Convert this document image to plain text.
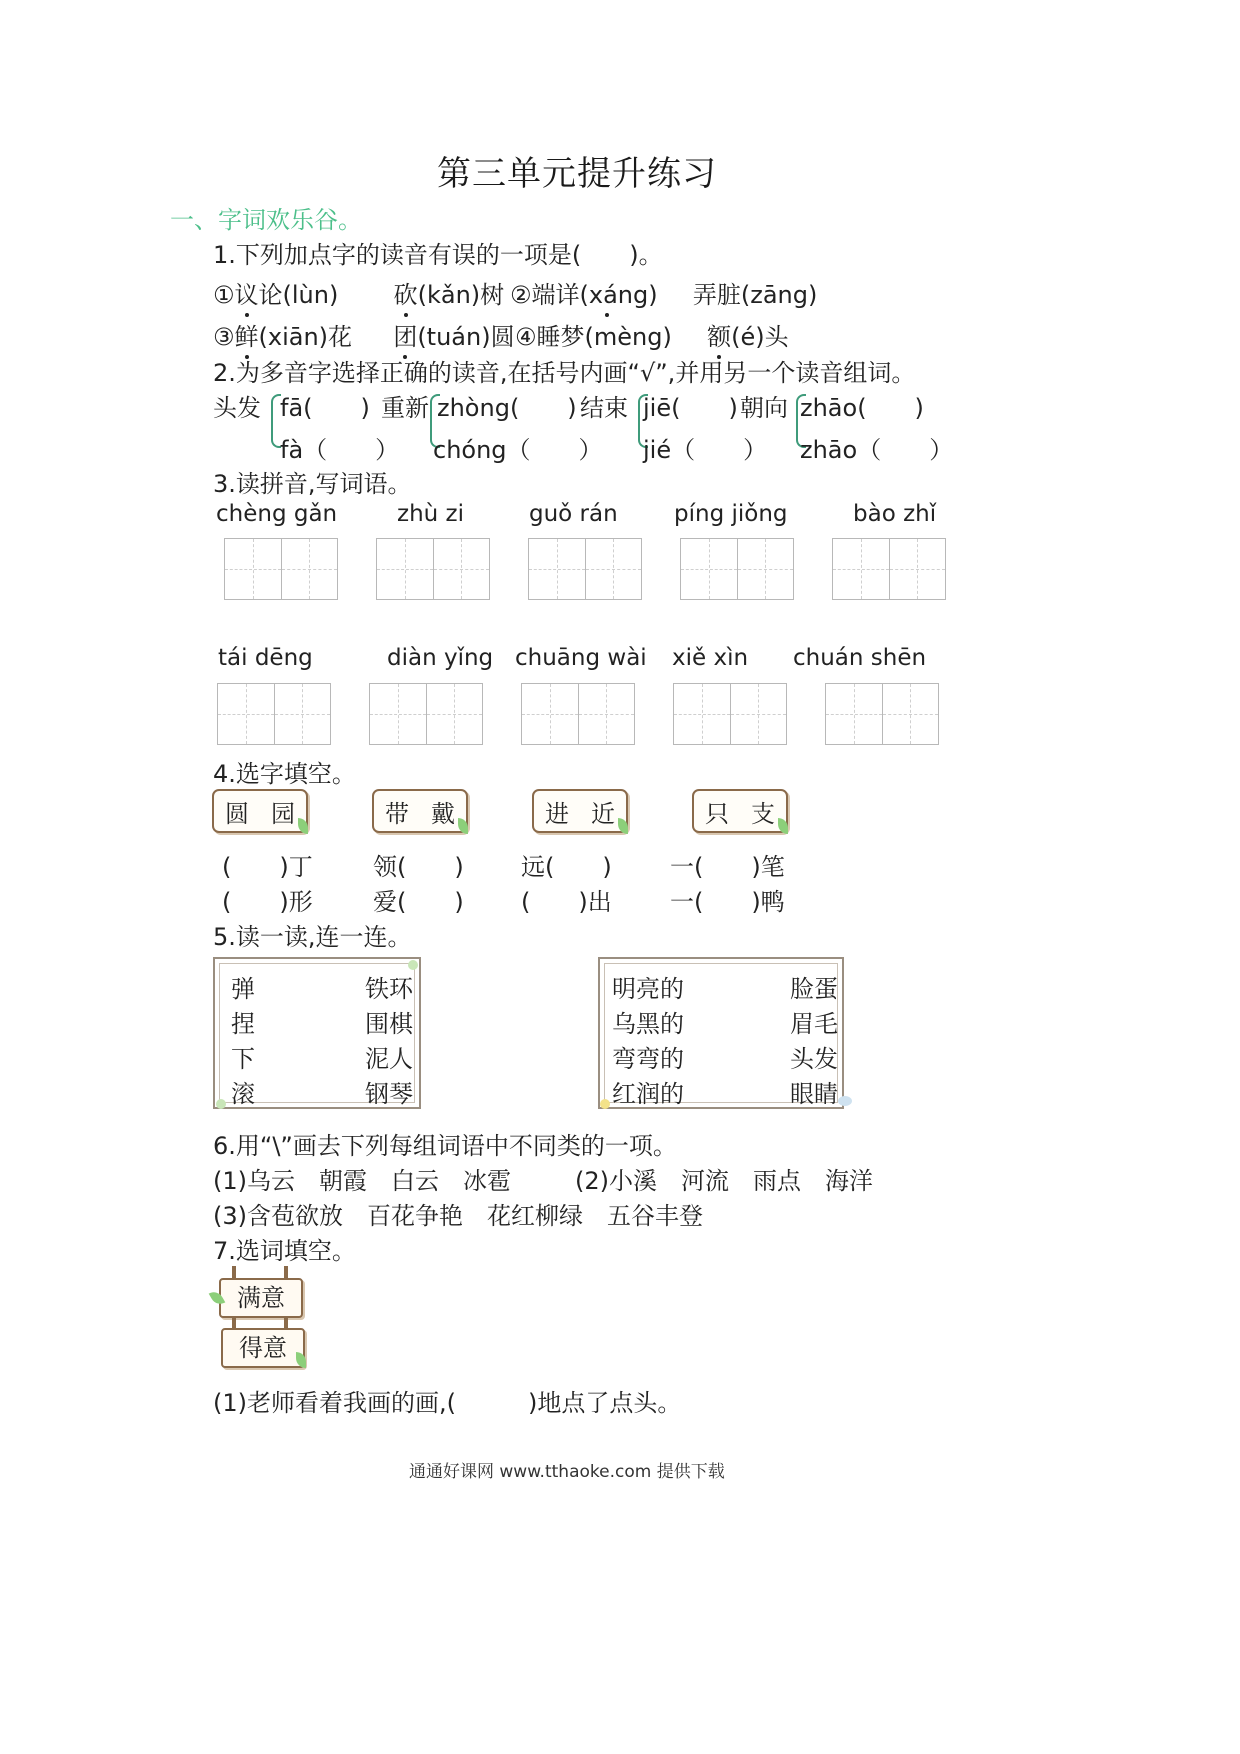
第三单元提升练习
一、字词欢乐谷。
1.下列加点字的读音有误的一项是(　　)。
①议论(lùn) 砍(kǎn)树 ②端详(xáng) 弄脏(zāng)
③鲜(xiān)花 团(tuán)圆 ④睡梦(mèng) 额(é)头
2.为多音字选择正确的读音,在括号内画“√”,并用另一个读音组词。
头发 fā(　　)
fà（　　）
重新 zhòng(　　)
chóng（　　）
结束 jiē(　　)
jié（　　）
朝向 zhāo(　　)
zhāo（　　）
3.读拼音,写词语。
chèng gǎn	zhù zi	guǒ rán píng jiǒng	bào zhǐ
tái dēng	diàn yǐng chuāng wài xiě xìn chuán shēn
4.选字填空。
圆 园	带 戴	进 近	只 支
(　　)丁	领(　　) 远(　　) 一(　　)笔
(　　)形	爱(　　) (　　)出 一(　　)鸭
5.读一读,连一连。
弹
捏
下
滚
铁环
围棋
泥人
钢琴
明亮的
乌黑的
弯弯的
红润的
脸蛋
眉毛
头发
眼睛
6.用“\”画去下列每组词语中不同类的一项。
(1)乌云　朝霞　白云　冰雹	(2)小溪　河流　雨点　海洋
(3)含苞欲放　百花争艳　花红柳绿　五谷丰登
7.选词填空。
满意
得意
(1)老师看着我画的画,(　　　)地点了点头。
通通好课网 www.tthaoke.com 提供下载
